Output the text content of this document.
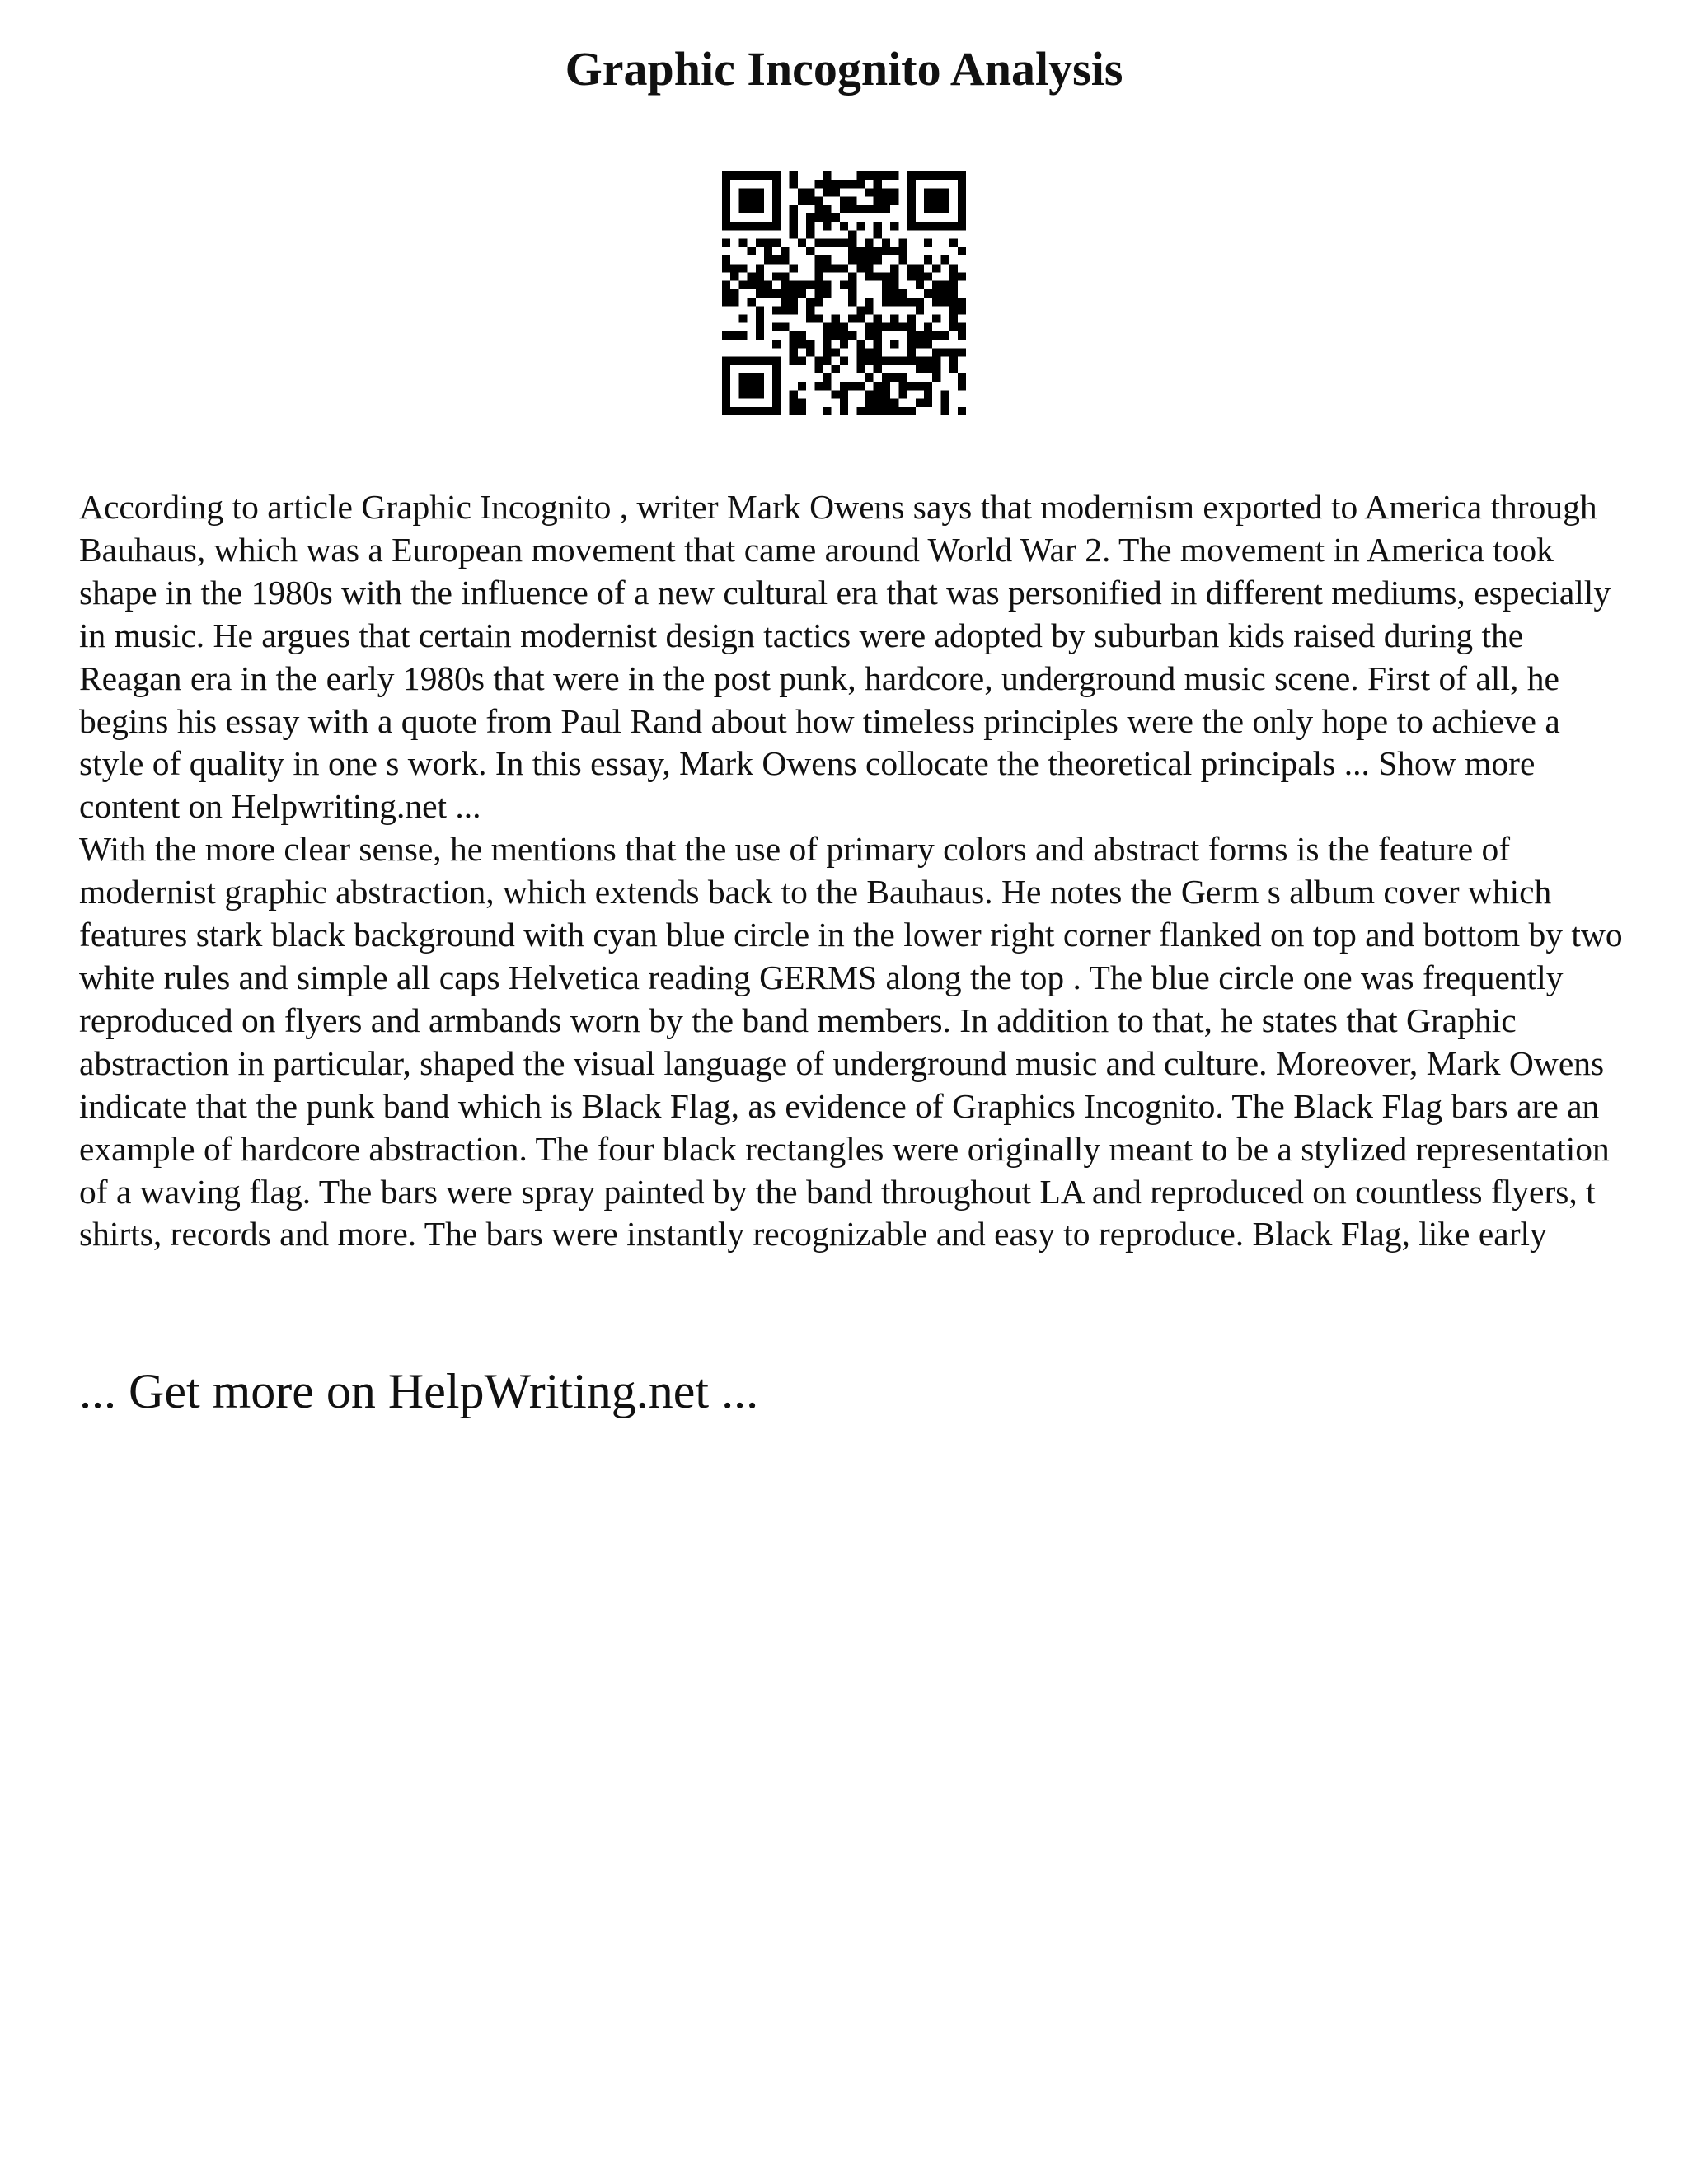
Graphic Incognito Analysis

According to article Graphic Incognito , writer Mark Owens says that modernism exported to America through Bauhaus, which was a European movement that came around World War 2. The movement in America took shape in the 1980s with the influence of a new cultural era that was personified in different mediums, especially in music. He argues that certain modernist design tactics were adopted by suburban kids raised during the Reagan era in the early 1980s that were in the post punk, hardcore, underground music scene. First of all, he begins his essay with a quote from Paul Rand about how timeless principles were the only hope to achieve a style of quality in one s work. In this essay, Mark Owens collocate the theoretical principals ... Show more content on Helpwriting.net ...

With the more clear sense, he mentions that the use of primary colors and abstract forms is the feature of modernist graphic abstraction, which extends back to the Bauhaus. He notes the Germ s album cover which features stark black background with cyan blue circle in the lower right corner flanked on top and bottom by two white rules and simple all caps Helvetica reading GERMS along the top . The blue circle one was frequently reproduced on flyers and armbands worn by the band members. In addition to that, he states that Graphic abstraction in particular, shaped the visual language of underground music and culture. Moreover, Mark Owens indicate that the punk band which is Black Flag, as evidence of Graphics Incognito. The Black Flag bars are an example of hardcore abstraction. The four black rectangles were originally meant to be a stylized representation of a waving flag. The bars were spray painted by the band throughout LA and reproduced on countless flyers, t shirts, records and more. The bars were instantly recognizable and easy to reproduce. Black Flag, like early

... Get more on HelpWriting.net ...
